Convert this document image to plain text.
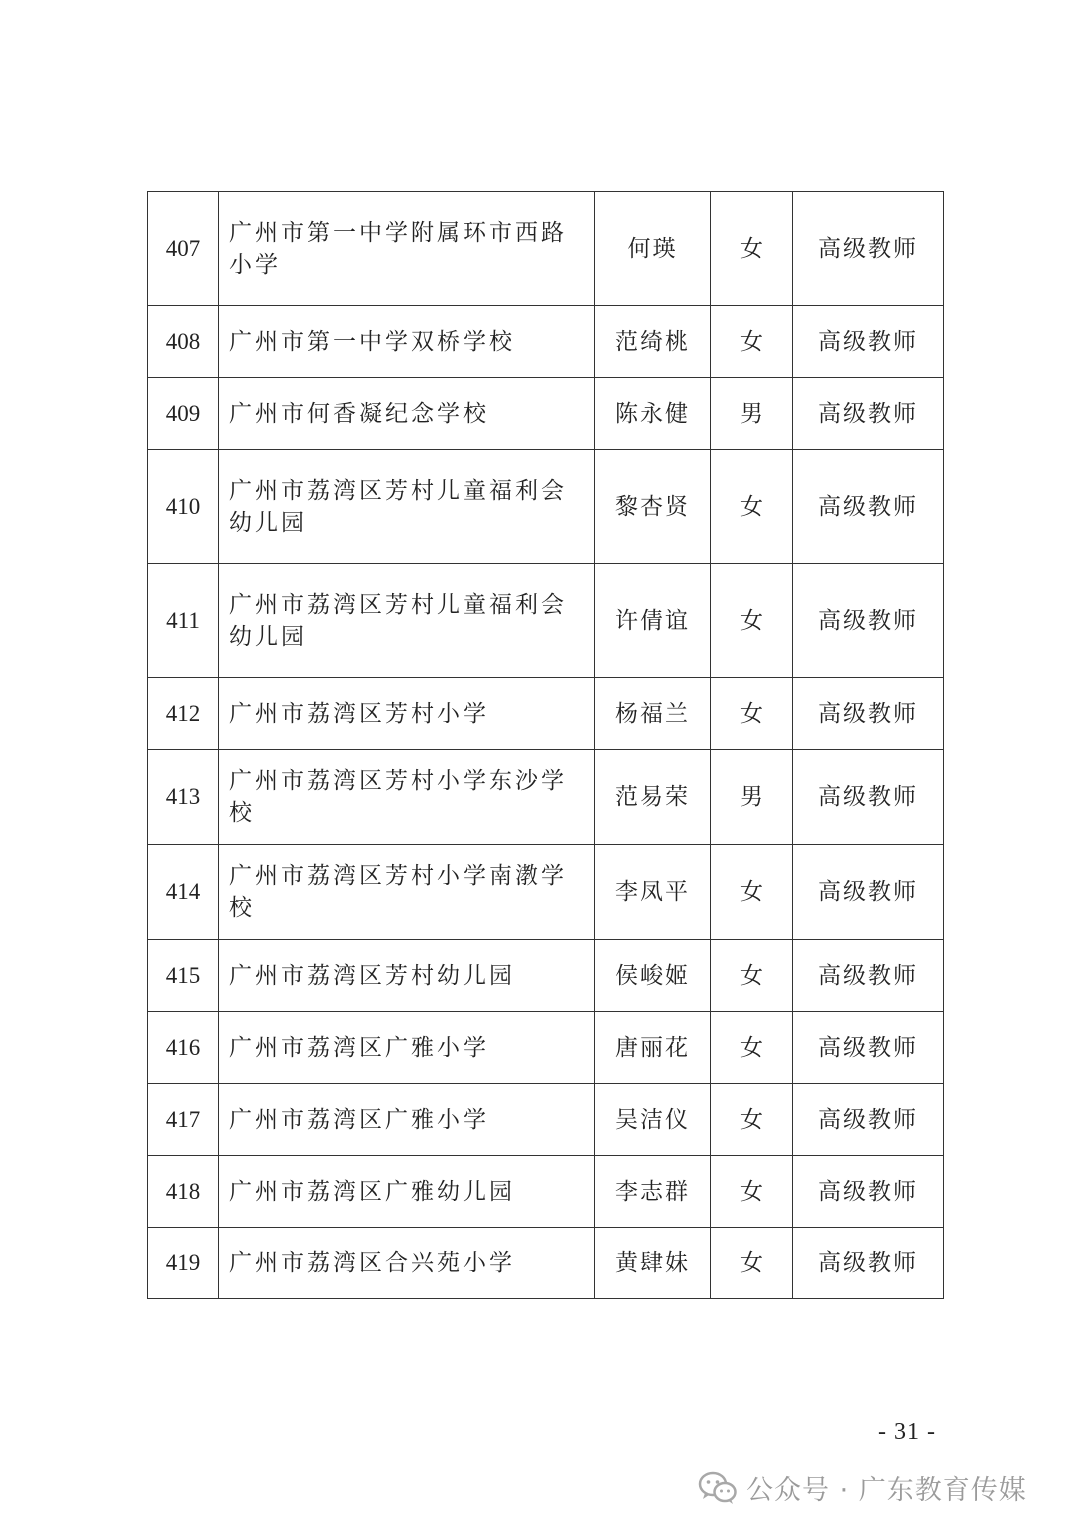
407	广州市第一中学附属环市西路小学	何瑛	女	高级教师
408	广州市第一中学双桥学校	范绮桃	女	高级教师
409	广州市何香凝纪念学校	陈永健	男	高级教师
410	广州市荔湾区芳村儿童福利会幼儿园	黎杏贤	女	高级教师
411	广州市荔湾区芳村儿童福利会幼儿园	许倩谊	女	高级教师
412	广州市荔湾区芳村小学	杨福兰	女	高级教师
413	广州市荔湾区芳村小学东沙学校	范易荣	男	高级教师
414	广州市荔湾区芳村小学南漖学校	李凤平	女	高级教师
415	广州市荔湾区芳村幼儿园	侯峻姬	女	高级教师
416	广州市荔湾区广雅小学	唐丽花	女	高级教师
417	广州市荔湾区广雅小学	吴洁仪	女	高级教师
418	广州市荔湾区广雅幼儿园	李志群	女	高级教师
419	广州市荔湾区合兴苑小学	黄肆妹	女	高级教师
- 31 -
公众号 · 广东教育传媒
